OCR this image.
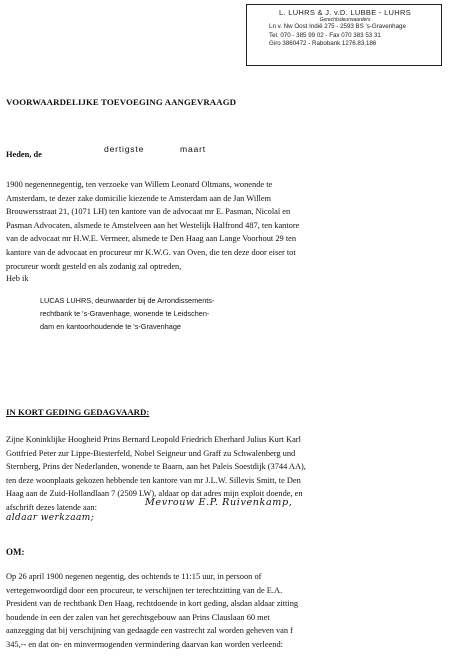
L. LUHRS & J. v.D. LUBBE - LUHRS
Gerechtsdeurwaarders
Ln v. Nw Oost Indië 275 - 2593 BS 's-Gravenhage
Tel. 070 - 385 99 02 - Fax 070 383 53 31
Giro 3860472 - Rabobank 1276.83.186
VOORWAARDELIJKE TOEVOEGING AANGEVRAAGD
Heden, de
dertigste	maart
1900 negenennegentig, ten verzoeke van Willem Leonard Oltmans, wonende te
Amsterdam, te dezer zake domicilie kiezende te Amsterdam aan de Jan Willem
Brouwersstraat 21, (1071 LH) ten kantore van de advocaat mr E. Pasman, Nicolaï en
Pasman Advocaten, alsmede te Amstelveen aan het Westelijk Halfrond 487, ten kantore
van de advocaat mr H.W.E. Vermeer, alsmede te Den Haag aan Lange Voorhout 29 ten
kantore van de advocaat en procureur mr K.W.G. van Oven, die ten deze door eiser tot
procureur wordt gesteld en als zodanig zal optreden,
Heb ik
LUCAS LUHRS, deurwaarder bij de Arrondissements-
rechtbank te 's-Gravenhage, wonende te Leidschen-
dam en kantoorhoudende te 's-Gravenhage
IN KORT GEDING GEDAGVAARD:
Zijne Koninklijke Hoogheid Prins Bernard Leopold Friedrich Eberhard Julius Kurt Karl
Gottfried Peter zur Lippe-Biesterfeld, Nobel Seigneur und Graff zu Schwalenberg und
Sternberg, Prins der Nederlanden, wonende te Baarn, aan het Paleis Soestdijk (3744 AA),
ten deze woonplaats gekozen hebbende ten kantore van mr J.L.W. Sillevis Smitt, te Den
Haag aan de Zuid-Hollandlaan 7 (2509 LW), aldaar op dat adres mijn exploit doende, en
afschrift dezes latende aan:	Mevrouw E.P. Ruivenkamp,
aldaar werkzaam;
OM:
Op 26 april 1900 negenen negentig, des ochtends te 11:15 uur, in persoon of
vertegenwoordigd door een procureur, te verschijnen ter terechtzitting van de E.A.
President van de rechtbank Den Haag, rechtdoende in kort geding, alsdan aldaar zitting
houdende in een der zalen van het gerechtsgebouw aan Prins Clauslaan 60 met
aanzegging dat bij verschijning van gedaagde een vastrecht zal worden geheven van f
345,-- en dat on- en minvermogenden vermindering daarvan kan worden verleend:
